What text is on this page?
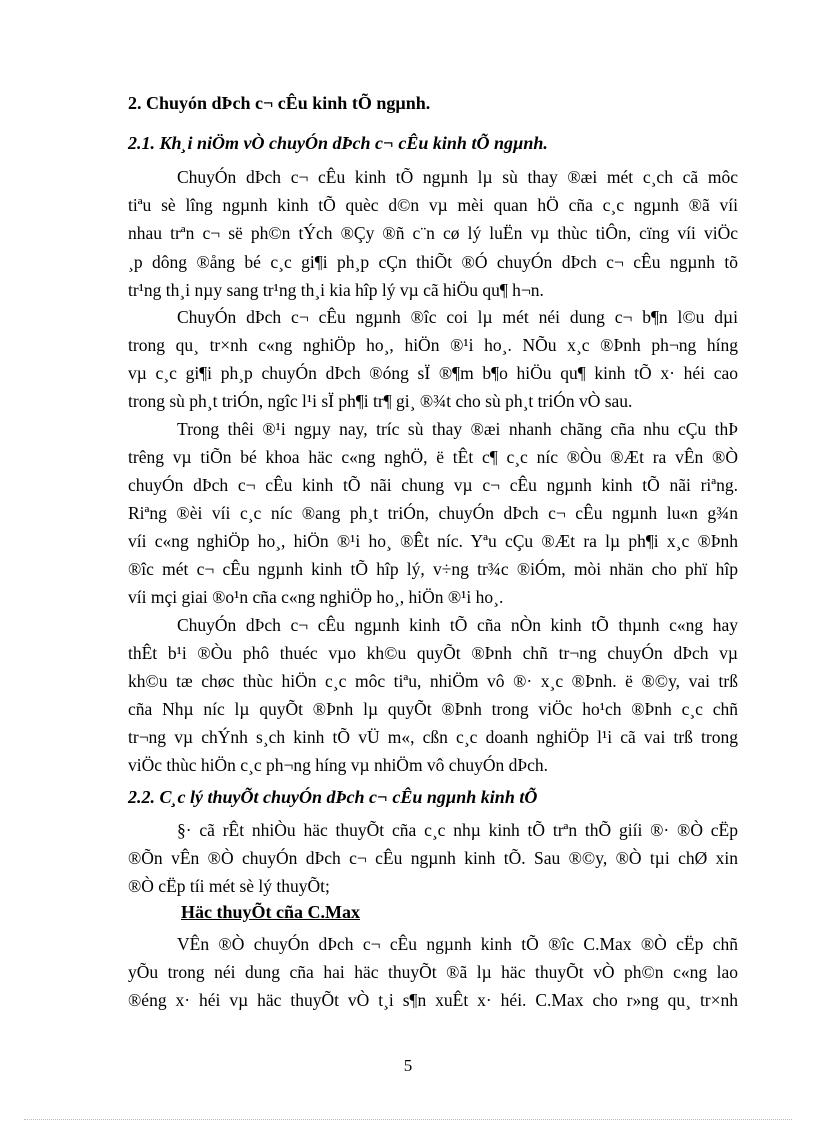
2. Chuyón dÞch c¬ cÊu kinh tÕ ngµnh.
2.1. Kh¸i niÖm vÒ chuyÓn dÞch c¬ cÊu kinh tÕ ngµnh.
ChuyÓn dÞch c¬ cÊu kinh tÕ ngµnh lµ sù thay ®æi mét c¸ch cã môc
tiªu sè lîng ngµnh kinh tÕ quèc d©n vµ mèi quan hÖ cña c¸c ngµnh ®ã víi
nhau trªn c¬ së ph©n tÝch ®Çy ®ñ c¨n cø lý luËn vµ thùc tiÔn, cïng víi viÖc
¸p dông ®ång bé c¸c gi¶i ph¸p cÇn thiÕt ®Ó chuyÓn dÞch c¬ cÊu ngµnh tõ
tr¹ng th¸i nµy sang tr¹ng th¸i kia hîp lý vµ cã hiÖu qu¶ h¬n.
ChuyÓn dÞch c¬ cÊu ngµnh ®îc coi lµ mét néi dung c¬ b¶n l©u dµi
trong qu¸ tr×nh c«ng nghiÖp ho¸, hiÖn ®¹i ho¸. NÕu x¸c ®Þnh ph¬ng híng
vµ c¸c gi¶i ph¸p chuyÓn dÞch ®óng sÏ ®¶m b¶o hiÖu qu¶ kinh tÕ x· héi cao
trong sù ph¸t triÓn, ngîc l¹i sÏ ph¶i tr¶ gi¸ ®¾t cho sù ph¸t triÓn vÒ sau.
Trong thêi ®¹i ngµy nay, tríc sù thay ®æi nhanh chãng cña nhu cÇu thÞ
trêng vµ tiÕn bé khoa häc c«ng nghÖ, ë tÊt c¶ c¸c níc ®Òu ®Æt ra vÊn ®Ò
chuyÓn dÞch c¬ cÊu kinh tÕ nãi chung vµ c¬ cÊu ngµnh kinh tÕ nãi riªng.
Riªng ®èi víi c¸c níc ®ang ph¸t triÓn, chuyÓn dÞch c¬ cÊu ngµnh lu«n g¾n
víi c«ng nghiÖp ho¸, hiÖn ®¹i ho¸ ®Êt níc. Yªu cÇu ®Æt ra lµ ph¶i x¸c ®Þnh
®îc mét c¬ cÊu ngµnh kinh tÕ hîp lý, v÷ng tr¾c ®iÓm, mòi nhän cho phï hîp
víi mçi giai ®o¹n cña c«ng nghiÖp ho¸, hiÖn ®¹i ho¸.
ChuyÓn dÞch c¬ cÊu ngµnh kinh tÕ cña nÒn kinh tÕ thµnh c«ng hay
thÊt b¹i ®Òu phô thuéc vµo kh©u quyÕt ®Þnh chñ tr¬ng chuyÓn dÞch vµ
kh©u tæ chøc thùc hiÖn c¸c môc tiªu, nhiÖm vô ®· x¸c ®Þnh. ë ®©y, vai trß
cña Nhµ níc lµ quyÕt ®Þnh lµ quyÕt ®Þnh trong viÖc ho¹ch ®Þnh c¸c chñ
tr¬ng vµ chÝnh s¸ch kinh tÕ vÜ m«, cßn c¸c doanh nghiÖp l¹i cã vai trß trong
viÖc thùc hiÖn c¸c ph¬ng híng vµ nhiÖm vô chuyÓn dÞch.
2.2. C¸c lý thuyÕt chuyÓn dÞch c¬ cÊu ngµnh kinh tÕ
§· cã rÊt nhiÒu häc thuyÕt cña c¸c nhµ kinh tÕ trªn thÕ giíi ®· ®Ò cËp
®Õn vÊn ®Ò chuyÓn dÞch c¬ cÊu ngµnh kinh tÕ. Sau ®©y, ®Ò tµi chØ xin
®Ò cËp tíi mét sè lý thuyÕt;
Häc thuyÕt cña C.Max
VÊn ®Ò chuyÓn dÞch c¬ cÊu ngµnh kinh tÕ ®îc C.Max ®Ò cËp chñ
yÕu trong néi dung cña hai häc thuyÕt ®ã lµ häc thuyÕt vÒ ph©n c«ng lao
®éng x· héi vµ häc thuyÕt vÒ t¸i s¶n xuÊt x· héi. C.Max cho r»ng qu¸ tr×nh

5
